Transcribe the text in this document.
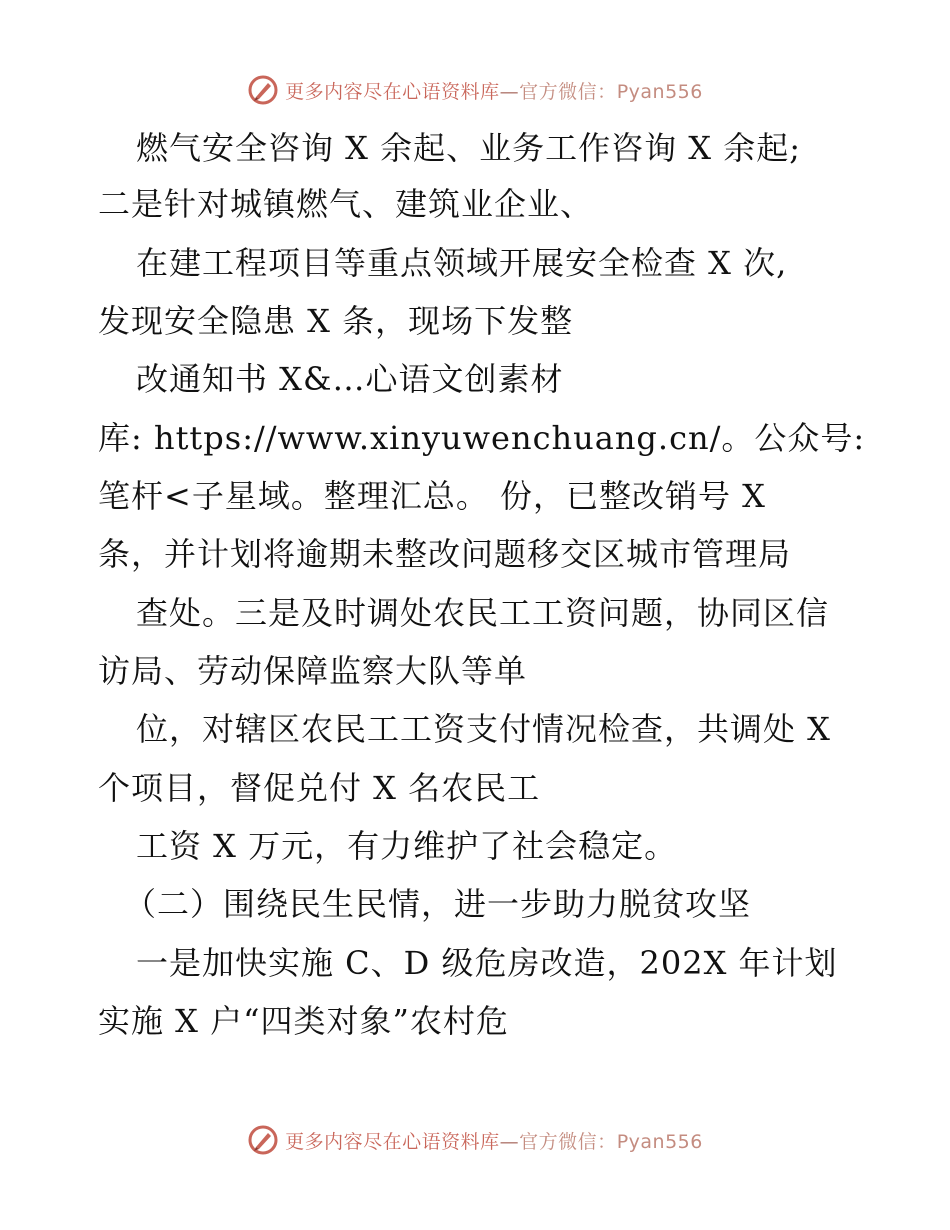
更多内容尽在心语资料库—官方微信：Pyan556
燃气安全咨询 X 余起、业务工作咨询 X 余起;
二是针对城镇燃气、建筑业企业、
在建工程项目等重点领域开展安全检查 X 次,
发现安全隐患 X 条，现场下发整
改通知书 X&…心语文创素材
库: https://www.xinyuwenchuang.cn/。公众号:
笔杆<子星域。整理汇总。 份，已整改销号 X
条，并计划将逾期未整改问题移交区城市管理局
查处。三是及时调处农民工工资问题，协同区信
访局、劳动保障监察大队等单
位，对辖区农民工工资支付情况检查，共调处 X
个项目，督促兑付 X 名农民工
工资 X 万元，有力维护了社会稳定。
（二）围绕民生民情，进一步助力脱贫攻坚
一是加快实施 C、D 级危房改造，202X 年计划
实施 X 户“四类对象”农村危
更多内容尽在心语资料库—官方微信：Pyan556
